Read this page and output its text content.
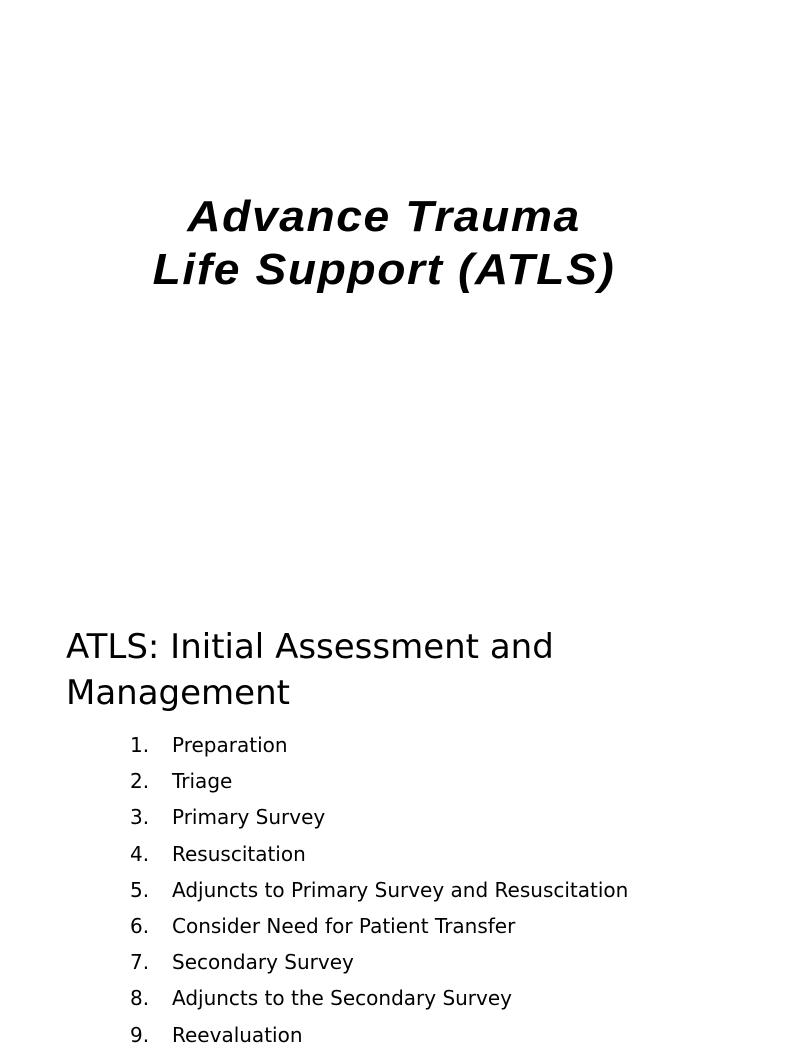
Advance Trauma
Life Support (ATLS)
ATLS: Initial Assessment and
Management
1.	Preparation
2.	Triage
3.	Primary Survey
4.	Resuscitation
5.	Adjuncts to Primary Survey and Resuscitation
6.	Consider Need for Patient Transfer
7.	Secondary Survey
8.	Adjuncts to the Secondary Survey
9.	Reevaluation
